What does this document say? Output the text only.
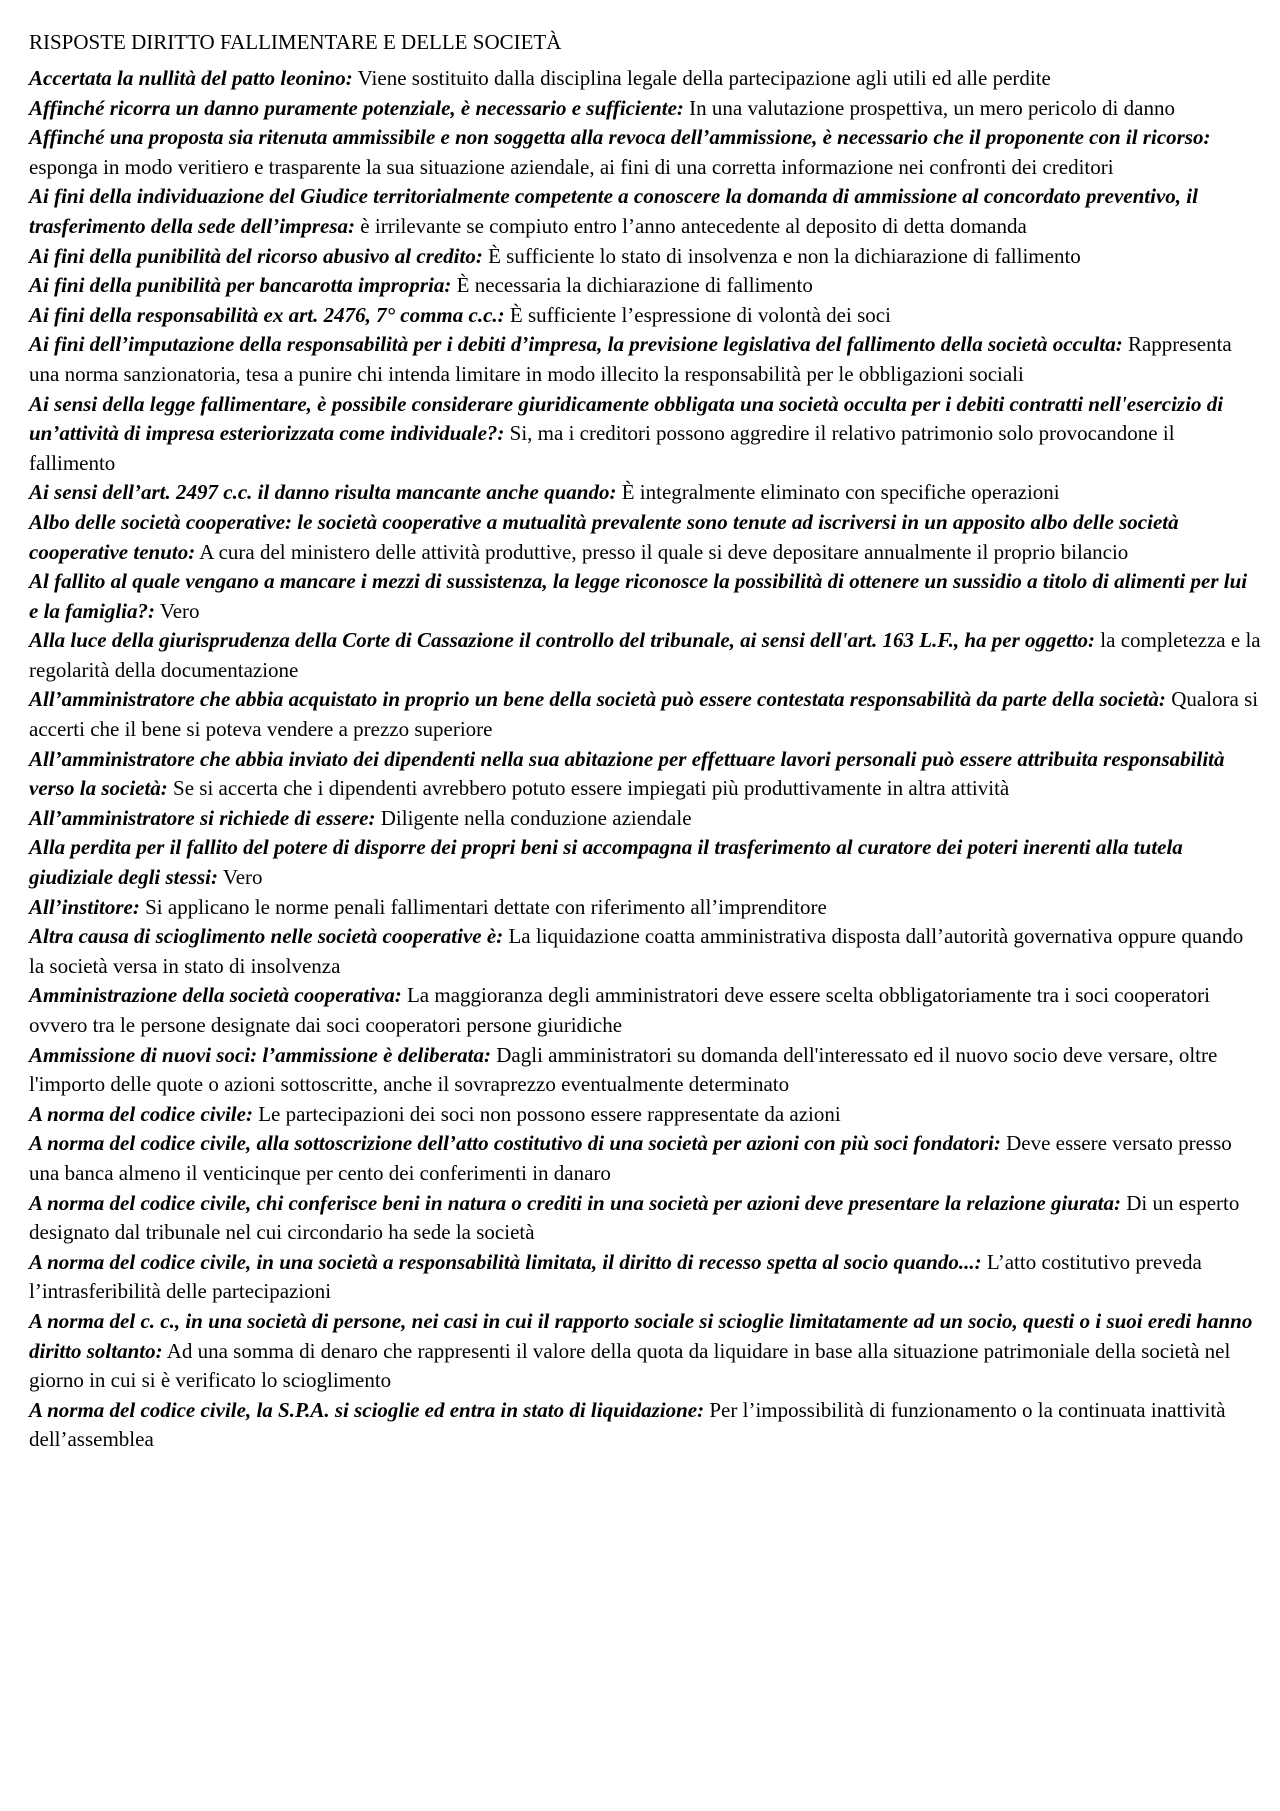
RISPOSTE DIRITTO FALLIMENTARE E DELLE SOCIETÀ

Accertata la nullità del patto leonino: Viene sostituito dalla disciplina legale della partecipazione agli utili ed alle perdite

Affinché ricorra un danno puramente potenziale, è necessario e sufficiente: In una valutazione prospettiva, un mero pericolo di danno

Affinché una proposta sia ritenuta ammissibile e non soggetta alla revoca dell’ammissione, è necessario che il proponente con il ricorso: esponga in modo veritiero e trasparente la sua situazione aziendale, ai fini di una corretta informazione nei confronti dei creditori

Ai fini della individuazione del Giudice territorialmente competente a conoscere la domanda di ammissione al concordato preventivo, il trasferimento della sede dell’impresa: è irrilevante se compiuto entro l’anno antecedente al deposito di detta domanda

Ai fini della punibilità del ricorso abusivo al credito: È sufficiente lo stato di insolvenza e non la dichiarazione di fallimento

Ai fini della punibilità per bancarotta impropria: È necessaria la dichiarazione di fallimento

Ai fini della responsabilità ex art. 2476, 7° comma c.c.: È sufficiente l’espressione di volontà dei soci

Ai fini dell’imputazione della responsabilità per i debiti d’impresa, la previsione legislativa del fallimento della società occulta: Rappresenta una norma sanzionatoria, tesa a punire chi intenda limitare in modo illecito la responsabilità per le obbligazioni sociali

Ai sensi della legge fallimentare, è possibile considerare giuridicamente obbligata una società occulta per i debiti contratti nell'esercizio di un’attività di impresa esteriorizzata come individuale?: Si, ma i creditori possono aggredire il relativo patrimonio solo provocandone il fallimento

Ai sensi dell’art. 2497 c.c. il danno risulta mancante anche quando: È integralmente eliminato con specifiche operazioni

Albo delle società cooperative: le società cooperative a mutualità prevalente sono tenute ad iscriversi in un apposito albo delle società cooperative tenuto: A cura del ministero delle attività produttive, presso il quale si deve depositare annualmente il proprio bilancio

Al fallito al quale vengano a mancare i mezzi di sussistenza, la legge riconosce la possibilità di ottenere un sussidio a titolo di alimenti per lui e la famiglia?: Vero

Alla luce della giurisprudenza della Corte di Cassazione il controllo del tribunale, ai sensi dell'art. 163 L.F., ha per oggetto: la completezza e la regolarità della documentazione

All’amministratore che abbia acquistato in proprio un bene della società può essere contestata responsabilità da parte della società: Qualora si accerti che il bene si poteva vendere a prezzo superiore

All’amministratore che abbia inviato dei dipendenti nella sua abitazione per effettuare lavori personali può essere attribuita responsabilità verso la società: Se si accerta che i dipendenti avrebbero potuto essere impiegati più produttivamente in altra attività

All’amministratore si richiede di essere: Diligente nella conduzione aziendale

Alla perdita per il fallito del potere di disporre dei propri beni si accompagna il trasferimento al curatore dei poteri inerenti alla tutela giudiziale degli stessi: Vero

All’institore: Si applicano le norme penali fallimentari dettate con riferimento all’imprenditore

Altra causa di scioglimento nelle società cooperative è: La liquidazione coatta amministrativa disposta dall’autorità governativa oppure quando la società versa in stato di insolvenza

Amministrazione della società cooperativa: La maggioranza degli amministratori deve essere scelta obbligatoriamente tra i soci cooperatori ovvero tra le persone designate dai soci cooperatori persone giuridiche

Ammissione di nuovi soci: l’ammissione è deliberata: Dagli amministratori su domanda dell'interessato ed il nuovo socio deve versare, oltre l'importo delle quote o azioni sottoscritte, anche il sovraprezzo eventualmente determinato

A norma del codice civile: Le partecipazioni dei soci non possono essere rappresentate da azioni

A norma del codice civile, alla sottoscrizione dell’atto costitutivo di una società per azioni con più soci fondatori: Deve essere versato presso una banca almeno il venticinque per cento dei conferimenti in danaro

A norma del codice civile, chi conferisce beni in natura o crediti in una società per azioni deve presentare la relazione giurata: Di un esperto designato dal tribunale nel cui circondario ha sede la società

A norma del codice civile, in una società a responsabilità limitata, il diritto di recesso spetta al socio quando...: L’atto costitutivo preveda l’intrasferibilità delle partecipazioni

A norma del c. c., in una società di persone, nei casi in cui il rapporto sociale si scioglie limitatamente ad un socio, questi o i suoi eredi hanno diritto soltanto: Ad una somma di denaro che rappresenti il valore della quota da liquidare in base alla situazione patrimoniale della società nel giorno in cui si è verificato lo scioglimento

A norma del codice civile, la S.P.A. si scioglie ed entra in stato di liquidazione: Per l’impossibilità di funzionamento o la continuata inattività dell’assemblea
